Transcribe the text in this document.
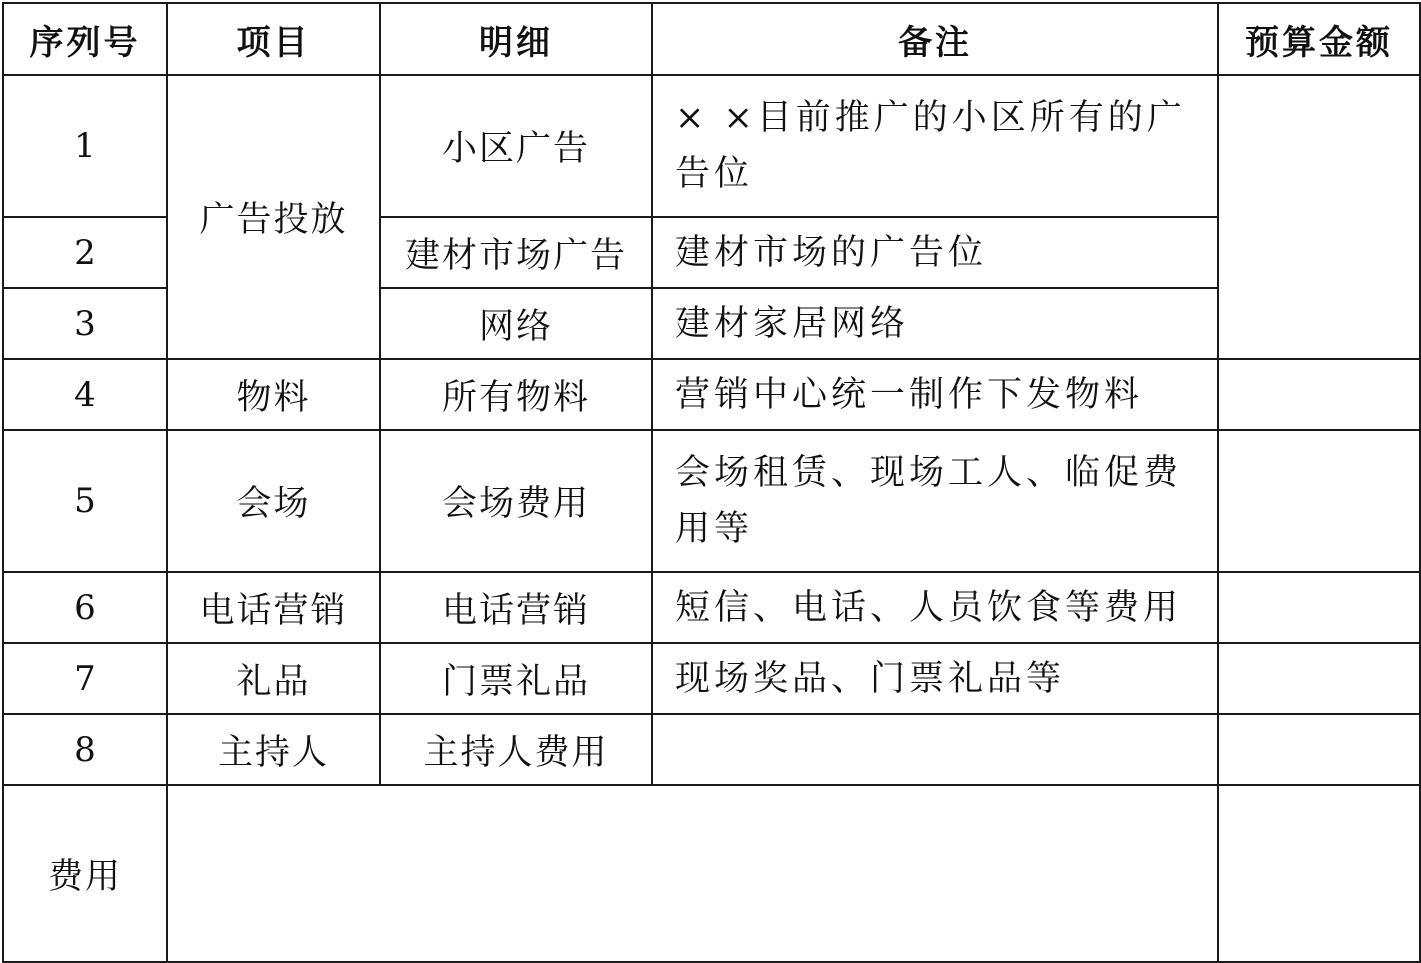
序列号	项目	明细	备注	预算金额
1	广告投放	小区广告	× ×目前推广的小区所有的广告位	
2		建材市场广告	建材市场的广告位	
3		网络	建材家居网络	
4	物料	所有物料	营销中心统一制作下发物料	
5	会场	会场费用	会场租赁、现场工人、临促费用等	
6	电话营销	电话营销	短信、电话、人员饮食等费用	
7	礼品	门票礼品	现场奖品、门票礼品等	
8	主持人	主持人费用		
费用				
